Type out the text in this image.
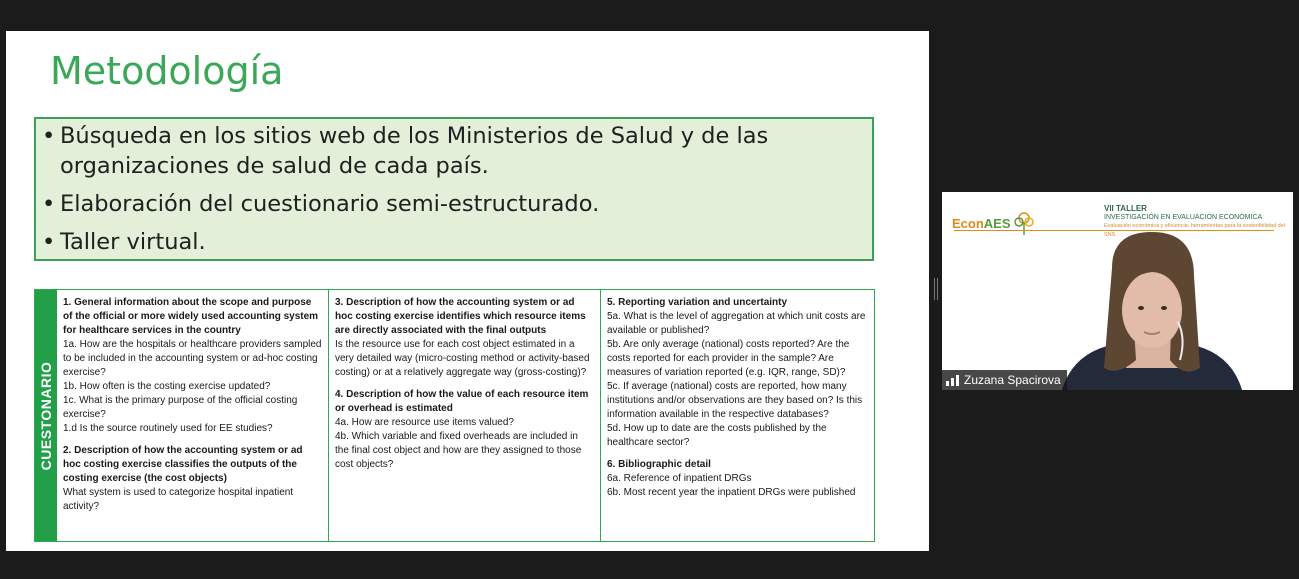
Metodología
• Búsqueda en los sitios web de los Ministerios de Salud y de las organizaciones de salud de cada país.
• Elaboración del cuestionario semi-estructurado.
• Taller virtual.
CUESTONARIO

1. General information about the scope and purpose of the official or more widely used accounting system for healthcare services in the country

1a. How are the hospitals or healthcare providers sampled to be included in the accounting system or ad-hoc costing exercise?

1b. How often is the costing exercise updated?

1c. What is the primary purpose of the official costing exercise?

1.d Is the source routinely used for EE studies?

2. Description of how the accounting system or ad hoc costing exercise classifies the outputs of the costing exercise (the cost objects)

What system is used to categorize hospital inpatient activity?

3. Description of how the accounting system or ad hoc costing exercise identifies which resource items are directly associated with the final outputs

Is the resource use for each cost object estimated in a very detailed way (micro-costing method or activity-based costing) or at a relatively aggregate way (gross-costing)?

4. Description of how the value of each resource item or overhead is estimated

4a. How are resource use items valued?

4b. Which variable and fixed overheads are included in the final cost object and how are they assigned to those cost objects?

5. Reporting variation and uncertainty

5a. What is the level of aggregation at which unit costs are available or published?

5b. Are only average (national) costs reported? Are the costs reported for each provider in the sample? Are measures of variation reported (e.g. IQR, range, SD)?

5c. If average (national) costs are reported, how many institutions and/or observations are they based on? Is this information available in the respective databases?

5d. How up to date are the costs published by the healthcare sector?

6. Bibliographic detail

6a. Reference of inpatient DRGs

6b. Most recent year the inpatient DRGs were published

EconAES
VII TALLER
INVESTIGACIÓN EN EVALUACIÓN ECONÓMICA
Evaluación económica y eficiencia: herramientas para la sostenibilidad del SNS
Zuzana Spacirova
